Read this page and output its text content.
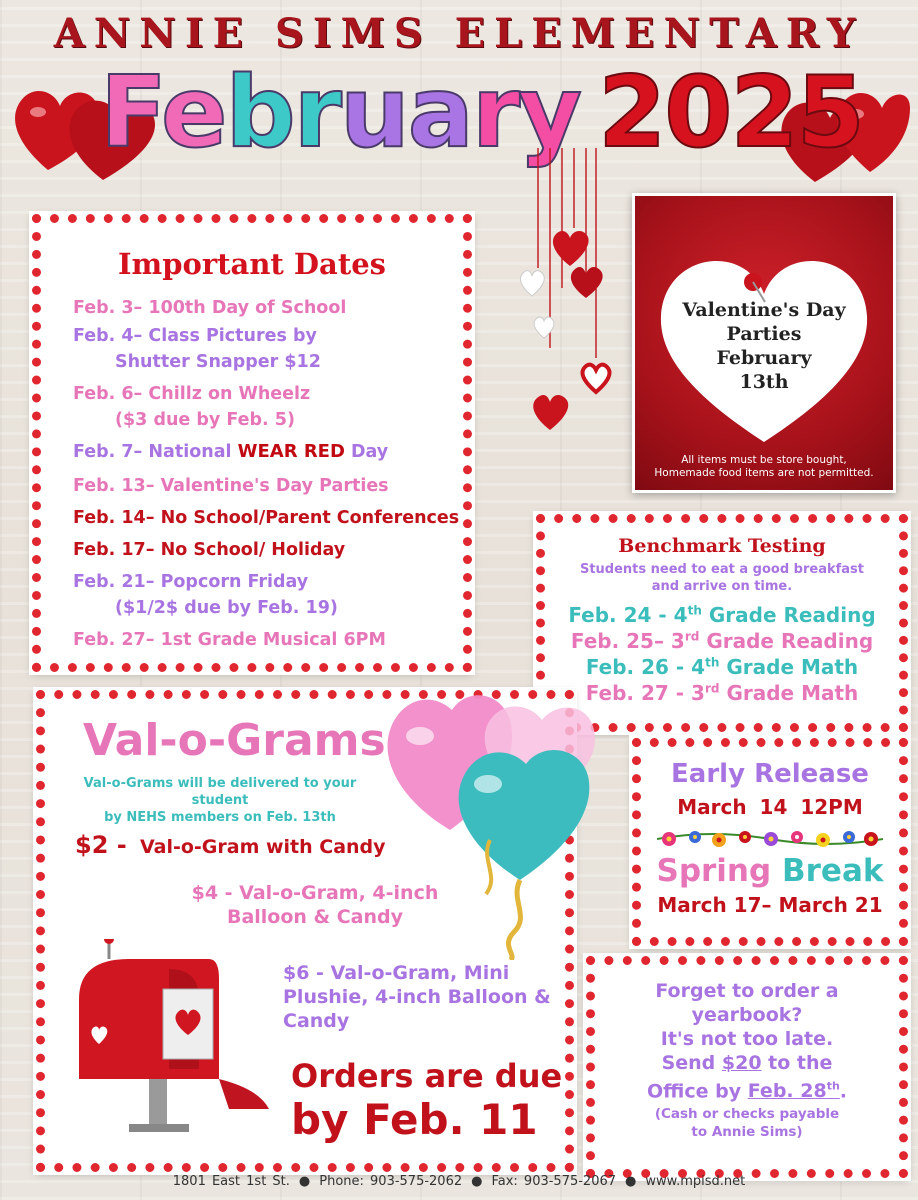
ANNIE SIMS ELEMENTARY
February 2025
Important Dates
Feb. 3– 100th Day of School
Feb. 4– Class Pictures by
Shutter Snapper $12
Feb. 6– Chillz on Wheelz
($3 due by Feb. 5)
Feb. 7– National WEAR RED Day
Feb. 13– Valentine's Day Parties
Feb. 14– No School/Parent Conferences
Feb. 17– No School/ Holiday
Feb. 21– Popcorn Friday
($1/2$ due by Feb. 19)
Feb. 27– 1st Grade Musical 6PM
Valentine's Day
Parties
February
13th
All items must be store bought,
Homemade food items are not permitted.
Benchmark Testing
Students need to eat a good breakfast
and arrive on time.
Feb. 24 - 4th Grade Reading
Feb. 25– 3rd Grade Reading
Feb. 26 - 4th Grade Math
Feb. 27 - 3rd Grade Math
Val-o-Grams
Val-o-Grams will be delivered to your student
by NEHS members on Feb. 13th
$2 - Val-o-Gram with Candy
$4 - Val-o-Gram, 4-inch
Balloon & Candy
$6 - Val-o-Gram, Mini
Plushie, 4-inch Balloon &
Candy
Orders are due
by Feb. 11
Early Release
March 14 12PM
Spring Break
March 17– March 21
Forget to order a
yearbook?
It's not too late.
Send $20 to the
Office by Feb. 28th.
(Cash or checks payable
to Annie Sims)
1801 East 1st St. ● Phone: 903-575-2062 ● Fax: 903-575-2067 ● www.mpisd.net
